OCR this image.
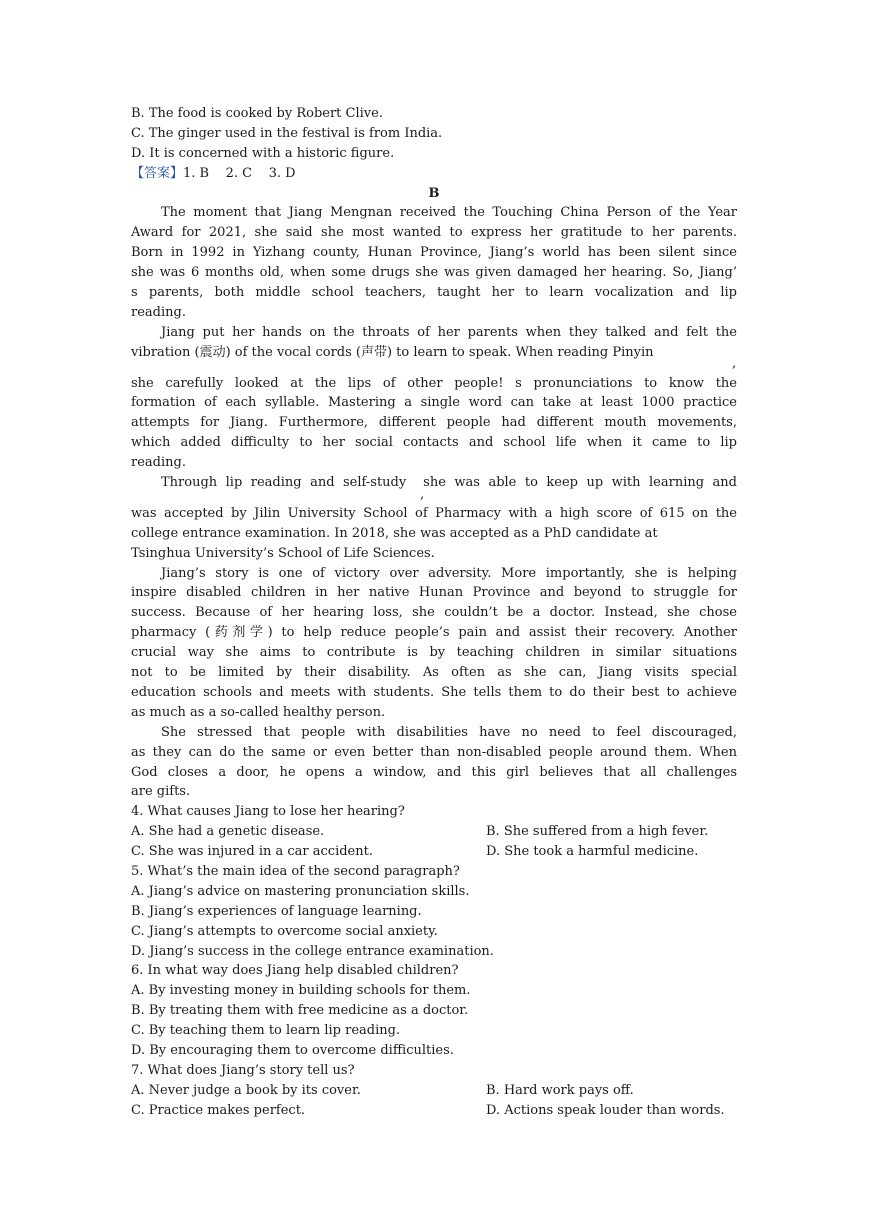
B. The food is cooked by Robert Clive.
C. The ginger used in the festival is from India.
D. It is concerned with a historic figure.
【答案】1. B    2. C    3. D
B
The moment that Jiang Mengnan received the Touching China Person of the Year
Award for 2021, she said she most wanted to express her gratitude to her parents.
Born in 1992 in Yizhang county, Hunan Province, Jiang’s world has been silent since
she was 6 months old, when some drugs she was given damaged her hearing. So, Jiang’
s parents, both middle school teachers, taught her to learn vocalization and lip
reading.
Jiang put her hands on the throats of her parents when they talked and felt the
vibration (震动) of the vocal cords (声带) to learn to speak. When reading Pinyin
she carefully looked at the lips of other people! s pronunciations to know the
formation of each syllable. Mastering a single word can take at least 1000 practice
attempts for Jiang. Furthermore, different people had different mouth movements,
which added difficulty to her social contacts and school life when it came to lip
reading.
Through lip reading and self-study  she was able to keep up with learning and
was accepted by Jilin University School of Pharmacy with a high score of 615 on the
college entrance examination. In 2018, she was accepted as a PhD candidate at
Tsinghua University’s School of Life Sciences.
Jiang’s story is one of victory over adversity. More importantly, she is helping
inspire disabled children in her native Hunan Province and beyond to struggle for
success. Because of her hearing loss, she couldn’t be a doctor. Instead, she chose
pharmacy (药剂学) to help reduce people’s pain and assist their recovery. Another
crucial way she aims to contribute is by teaching children in similar situations
not to be limited by their disability. As often as she can, Jiang visits special
education schools and meets with students. She tells them to do their best to achieve
as much as a so-called healthy person.
She stressed that people with disabilities have no need to feel discouraged,
as they can do the same or even better than non-disabled people around them. When
God closes a door, he opens a window, and this girl believes that all challenges
are gifts.
4. What causes Jiang to lose her hearing?
A. She had a genetic disease.	B. She suffered from a high fever.
C. She was injured in a car accident.	D. She took a harmful medicine.
5. What’s the main idea of the second paragraph?
A. Jiang’s advice on mastering pronunciation skills.
B. Jiang’s experiences of language learning.
C. Jiang’s attempts to overcome social anxiety.
D. Jiang’s success in the college entrance examination.
6. In what way does Jiang help disabled children?
A. By investing money in building schools for them.
B. By treating them with free medicine as a doctor.
C. By teaching them to learn lip reading.
D. By encouraging them to overcome difficulties.
7. What does Jiang’s story tell us?
A. Never judge a book by its cover.	B. Hard work pays off.
C. Practice makes perfect.	D. Actions speak louder than words.
,
,
